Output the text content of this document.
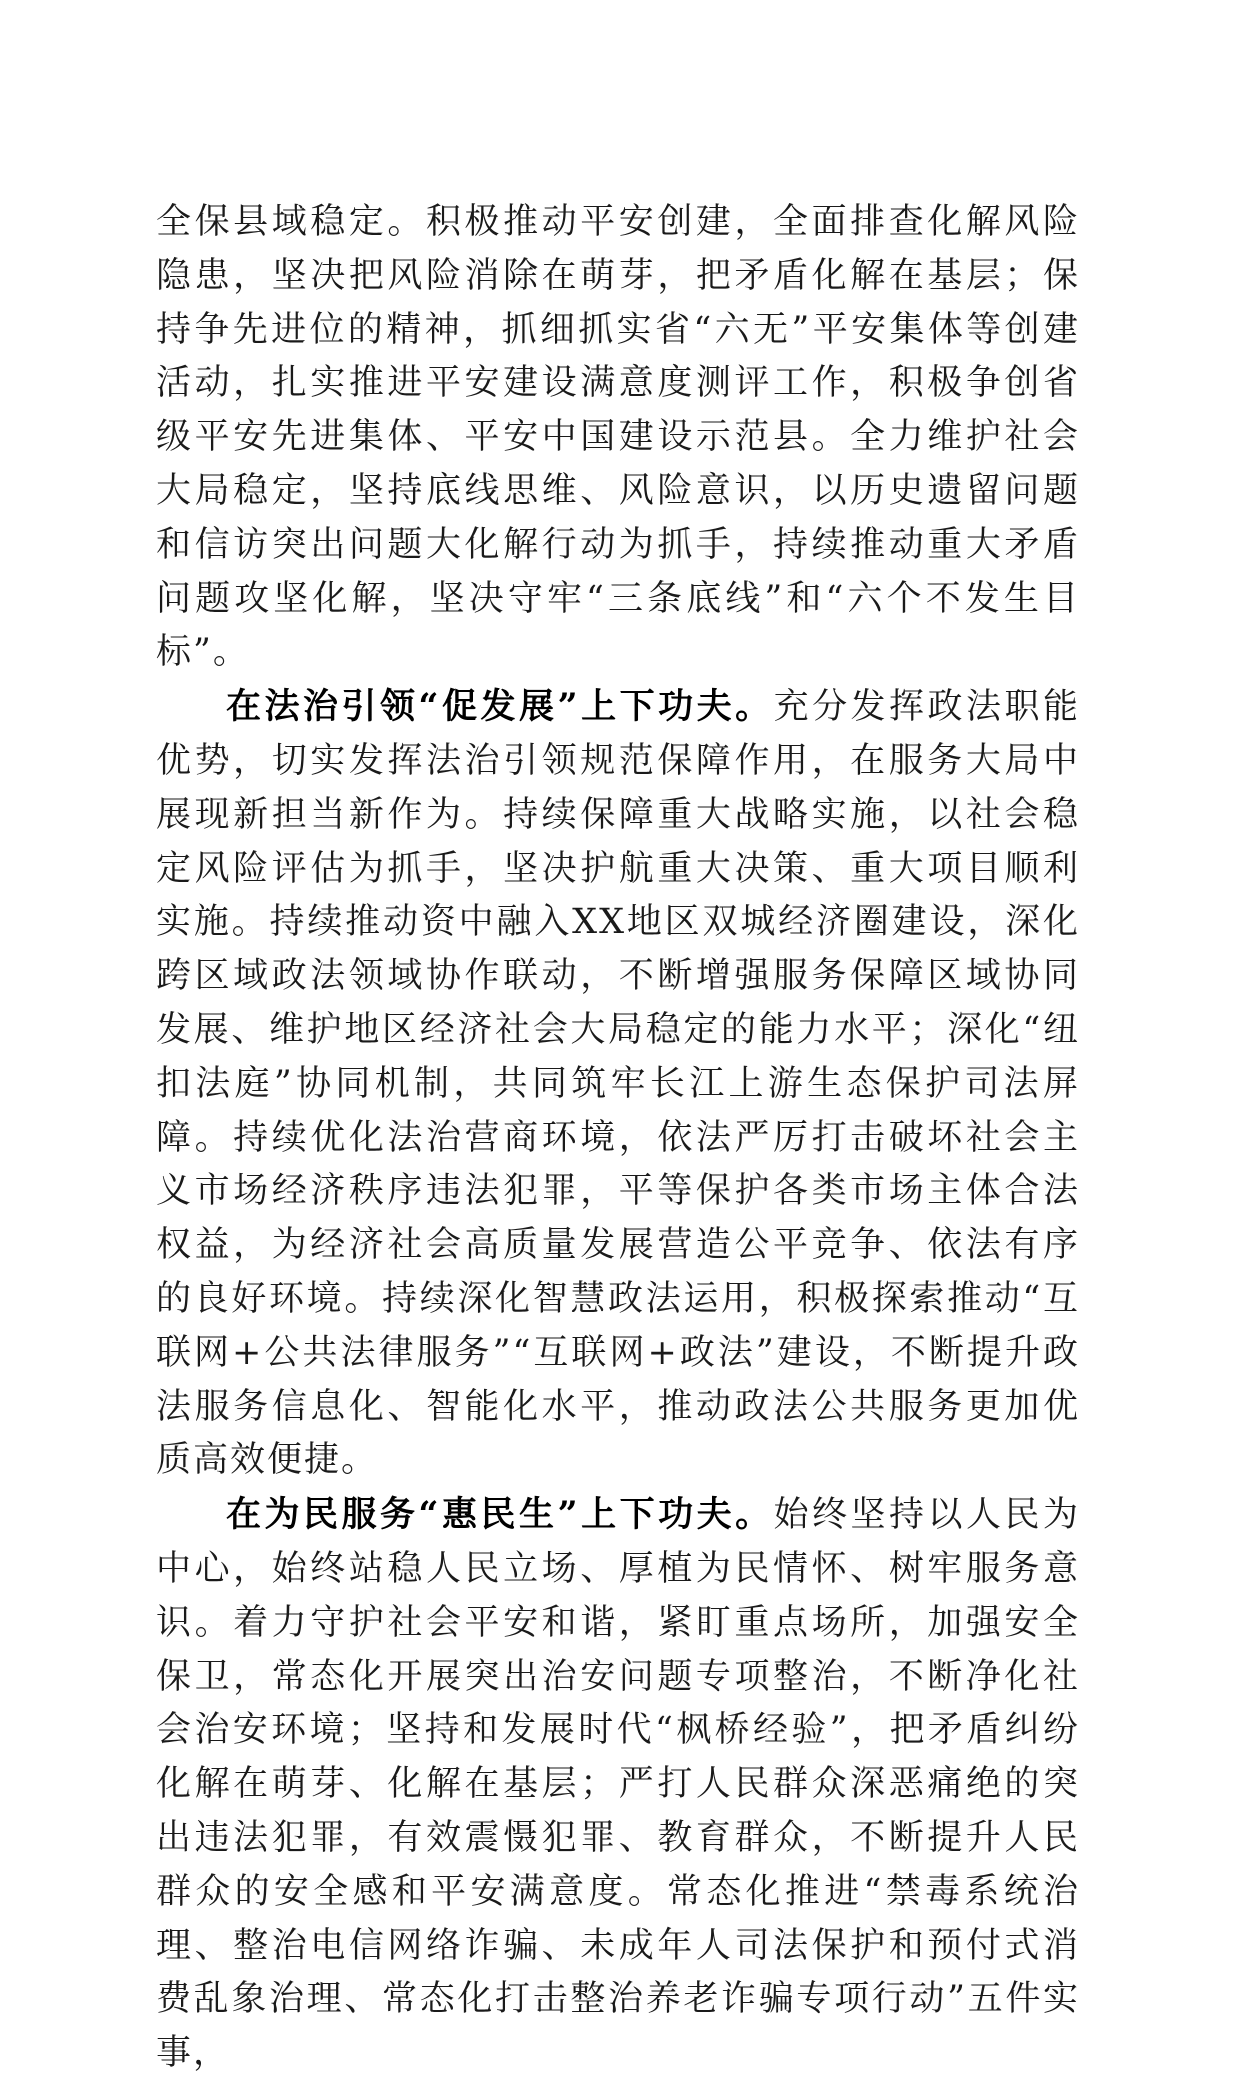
全保县域稳定。积极推动平安创建，全面排查化解风险隐患，坚决把风险消除在萌芽，把矛盾化解在基层；保持争先进位的精神，抓细抓实省“六无”平安集体等创建活动，扎实推进平安建设满意度测评工作，积极争创省级平安先进集体、平安中国建设示范县。全力维护社会大局稳定，坚持底线思维、风险意识，以历史遗留问题和信访突出问题大化解行动为抓手，持续推动重大矛盾问题攻坚化解，坚决守牢“三条底线”和“六个不发生目标”。

在法治引领“促发展”上下功夫。充分发挥政法职能优势，切实发挥法治引领规范保障作用，在服务大局中展现新担当新作为。持续保障重大战略实施，以社会稳定风险评估为抓手，坚决护航重大决策、重大项目顺利实施。持续推动资中融入XX地区双城经济圈建设，深化跨区域政法领域协作联动，不断增强服务保障区域协同发展、维护地区经济社会大局稳定的能力水平；深化“纽扣法庭”协同机制，共同筑牢长江上游生态保护司法屏障。持续优化法治营商环境，依法严厉打击破坏社会主义市场经济秩序违法犯罪，平等保护各类市场主体合法权益，为经济社会高质量发展营造公平竞争、依法有序的良好环境。持续深化智慧政法运用，积极探索推动“互联网+公共法律服务”“互联网+政法”建设，不断提升政法服务信息化、智能化水平，推动政法公共服务更加优质高效便捷。

在为民服务“惠民生”上下功夫。始终坚持以人民为中心，始终站稳人民立场、厚植为民情怀、树牢服务意识。着力守护社会平安和谐，紧盯重点场所，加强安全保卫，常态化开展突出治安问题专项整治，不断净化社会治安环境；坚持和发展时代“枫桥经验”，把矛盾纠纷化解在萌芽、化解在基层；严打人民群众深恶痛绝的突出违法犯罪，有效震慑犯罪、教育群众，不断提升人民群众的安全感和平安满意度。常态化推进“禁毒系统治理、整治电信网络诈骗、未成年人司法保护和预付式消费乱象治理、常态化打击整治养老诈骗专项行动”五件实事，
